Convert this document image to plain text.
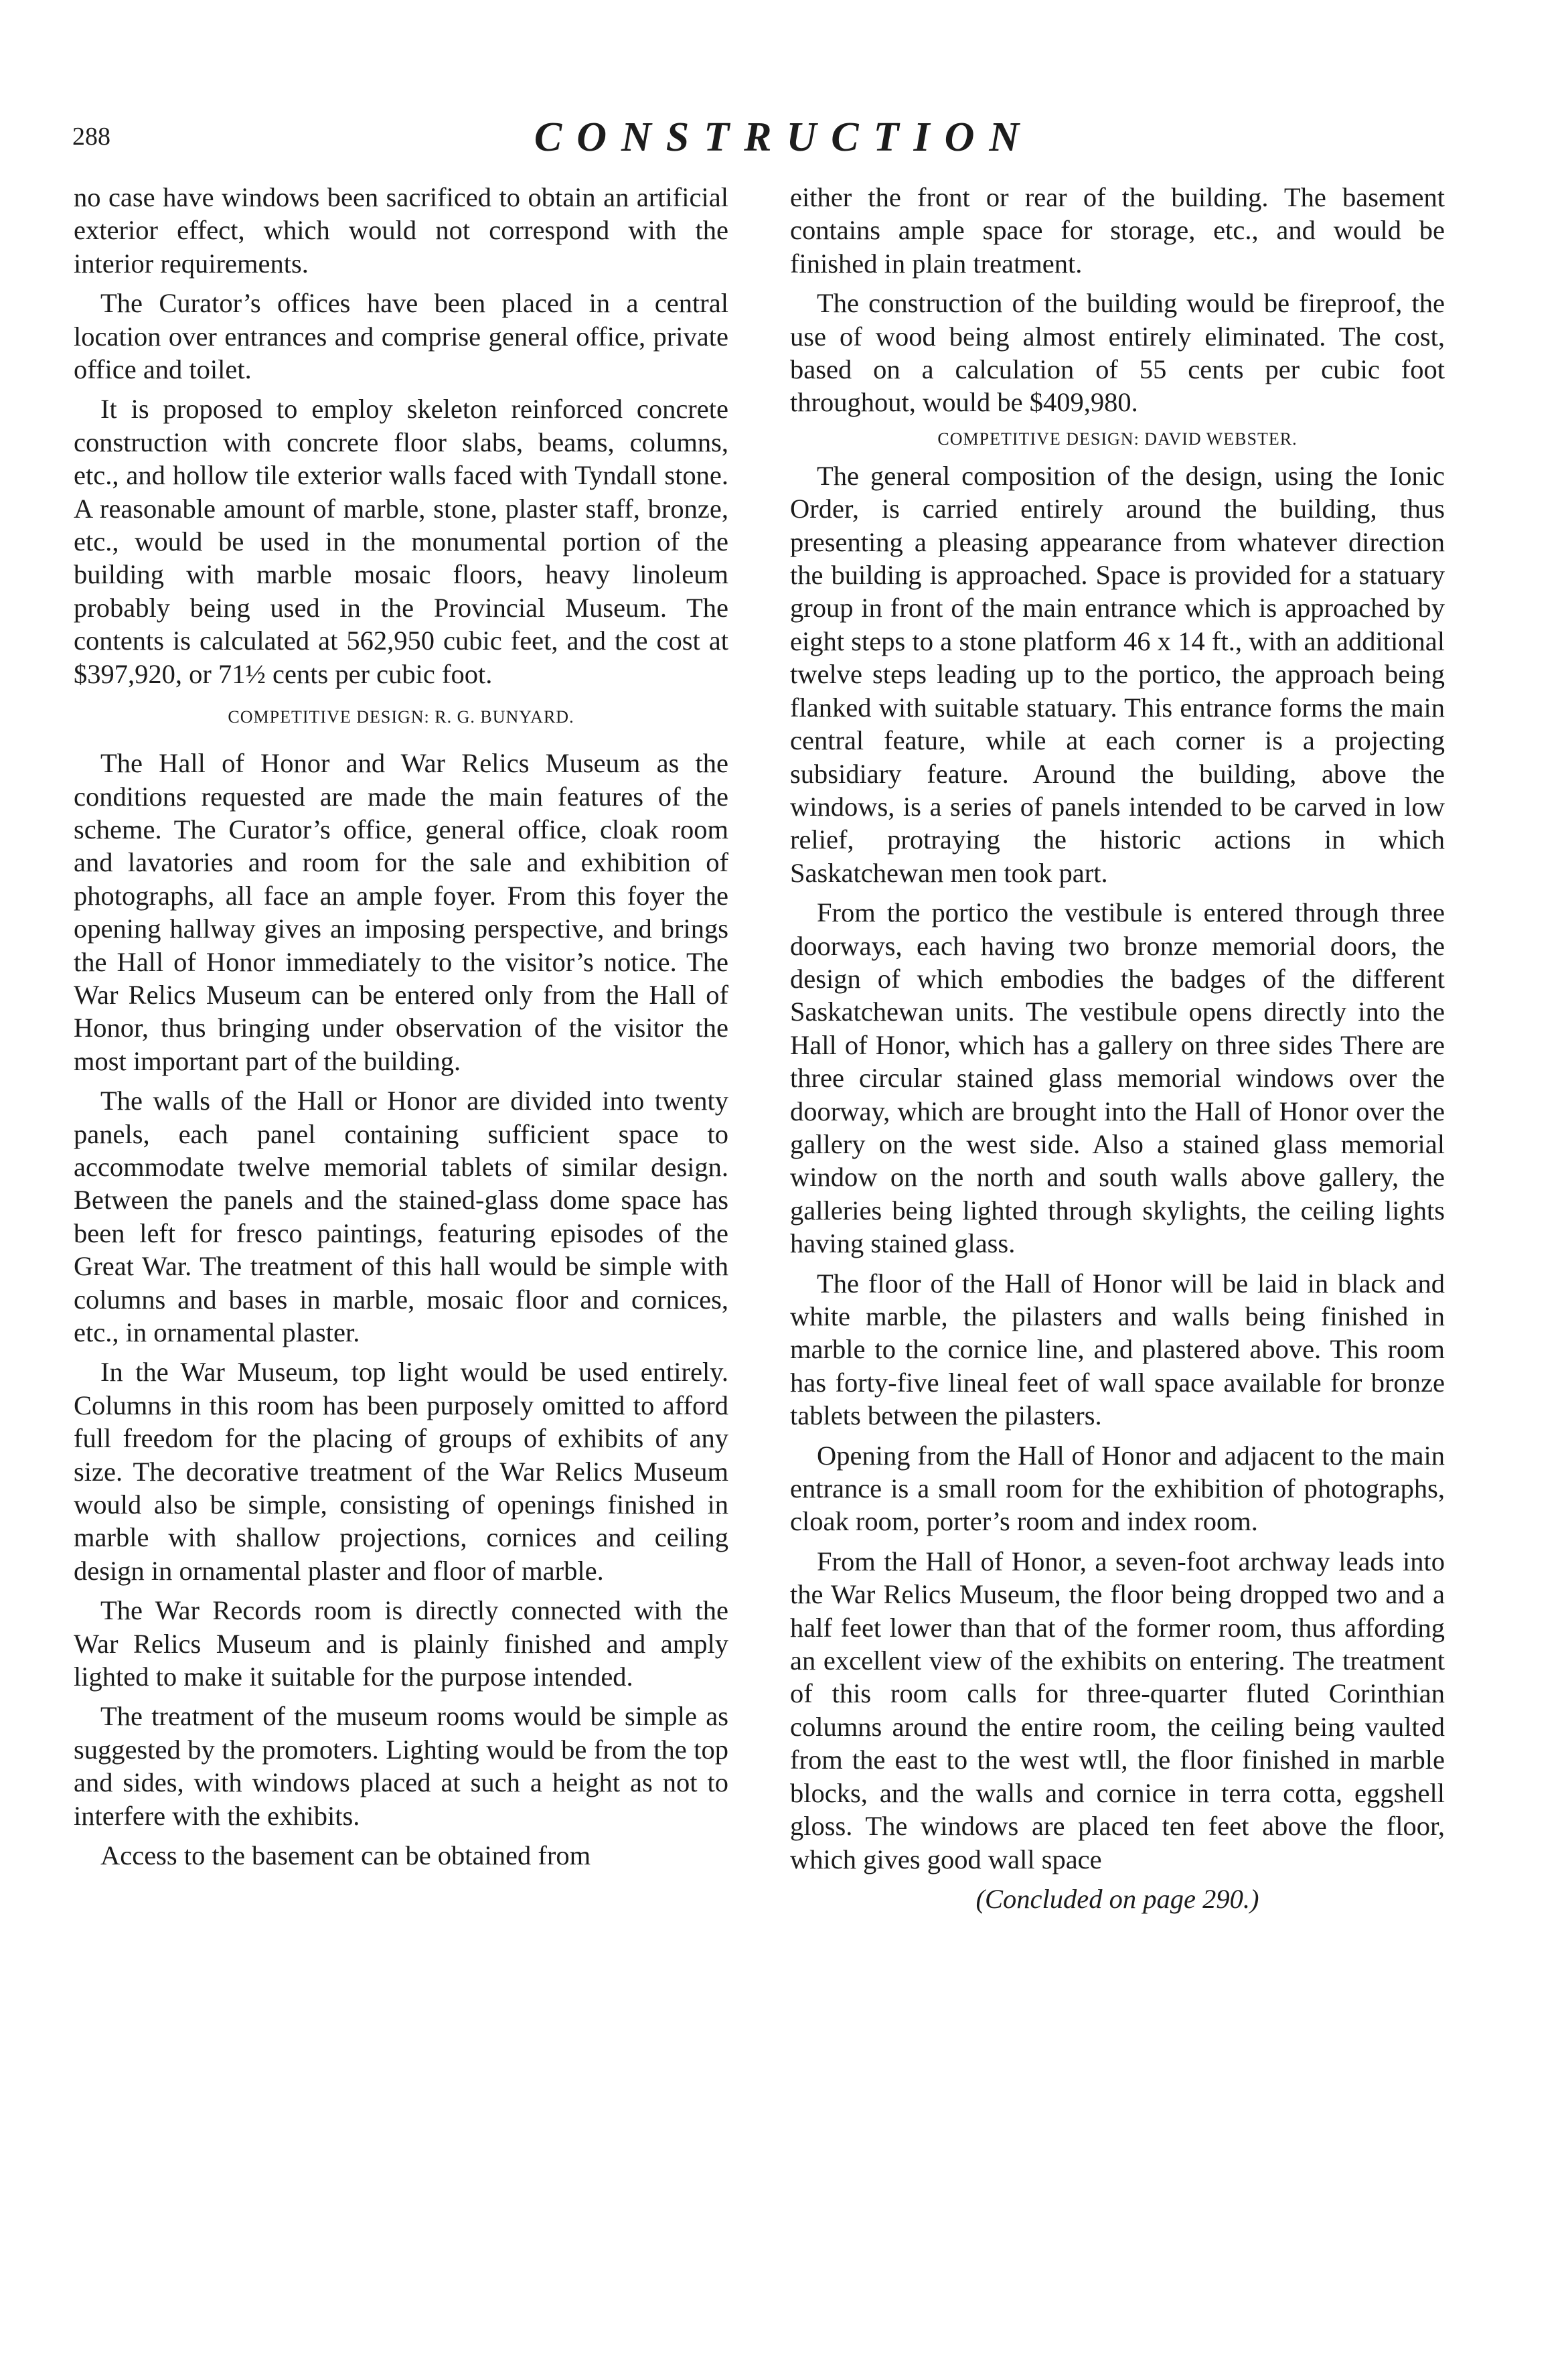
288	CONSTRUCTION

no case have windows been sacrificed to obtain an artificial exterior effect, which would not correspond with the interior requirements.

The Curator’s offices have been placed in a central location over entrances and comprise general office, private office and toilet.

It is proposed to employ skeleton reinforced concrete construction with concrete floor slabs, beams, columns, etc., and hollow tile exterior walls faced with Tyndall stone. A reasonable amount of marble, stone, plaster staff, bronze, etc., would be used in the monumental portion of the building with marble mosaic floors, heavy linoleum probably being used in the Provincial Museum. The contents is calculated at 562,950 cubic feet, and the cost at $397,920, or 71½ cents per cubic foot.

COMPETITIVE DESIGN: R. G. BUNYARD.

The Hall of Honor and War Relics Museum as the conditions requested are made the main features of the scheme. The Curator’s office, general office, cloak room and lavatories and room for the sale and exhibition of photographs, all face an ample foyer. From this foyer the opening hallway gives an imposing perspective, and brings the Hall of Honor immediately to the visitor’s notice. The War Relics Museum can be entered only from the Hall of Honor, thus bringing under observation of the visitor the most important part of the building.

The walls of the Hall or Honor are divided into twenty panels, each panel containing sufficient space to accommodate twelve memorial tablets of similar design. Between the panels and the stained-glass dome space has been left for fresco paintings, featuring episodes of the Great War. The treatment of this hall would be simple with columns and bases in marble, mosaic floor and cornices, etc., in ornamental plaster.

In the War Museum, top light would be used entirely. Columns in this room has been purposely omitted to afford full freedom for the placing of groups of exhibits of any size. The decorative treatment of the War Relics Museum would also be simple, consisting of openings finished in marble with shallow projections, cornices and ceiling design in ornamental plaster and floor of marble.

The War Records room is directly connected with the War Relics Museum and is plainly finished and amply lighted to make it suitable for the purpose intended.

The treatment of the museum rooms would be simple as suggested by the promoters. Lighting would be from the top and sides, with windows placed at such a height as not to interfere with the exhibits.

Access to the basement can be obtained from

either the front or rear of the building. The basement contains ample space for storage, etc., and would be finished in plain treatment.

The construction of the building would be fireproof, the use of wood being almost entirely eliminated. The cost, based on a calculation of 55 cents per cubic foot throughout, would be $409,980.

COMPETITIVE DESIGN: DAVID WEBSTER.

The general composition of the design, using the Ionic Order, is carried entirely around the building, thus presenting a pleasing appearance from whatever direction the building is approached. Space is provided for a statuary group in front of the main entrance which is approached by eight steps to a stone platform 46 x 14 ft., with an additional twelve steps leading up to the portico, the approach being flanked with suitable statuary. This entrance forms the main central feature, while at each corner is a projecting subsidiary feature. Around the building, above the windows, is a series of panels intended to be carved in low relief, protraying the historic actions in which Saskatchewan men took part.

From the portico the vestibule is entered through three doorways, each having two bronze memorial doors, the design of which embodies the badges of the different Saskatchewan units. The vestibule opens directly into the Hall of Honor, which has a gallery on three sides There are three circular stained glass memorial windows over the doorway, which are brought into the Hall of Honor over the gallery on the west side. Also a stained glass memorial window on the north and south walls above gallery, the galleries being lighted through skylights, the ceiling lights having stained glass.

The floor of the Hall of Honor will be laid in black and white marble, the pilasters and walls being finished in marble to the cornice line, and plastered above. This room has forty-five lineal feet of wall space available for bronze tablets between the pilasters.

Opening from the Hall of Honor and adjacent to the main entrance is a small room for the exhibition of photographs, cloak room, porter’s room and index room.

From the Hall of Honor, a seven-foot archway leads into the War Relics Museum, the floor being dropped two and a half feet lower than that of the former room, thus affording an excellent view of the exhibits on entering. The treatment of this room calls for three-quarter fluted Corinthian columns around the entire room, the ceiling being vaulted from the east to the west wtll, the floor finished in marble blocks, and the walls and cornice in terra cotta, eggshell gloss. The windows are placed ten feet above the floor, which gives good wall space

(Concluded on page 290.)
